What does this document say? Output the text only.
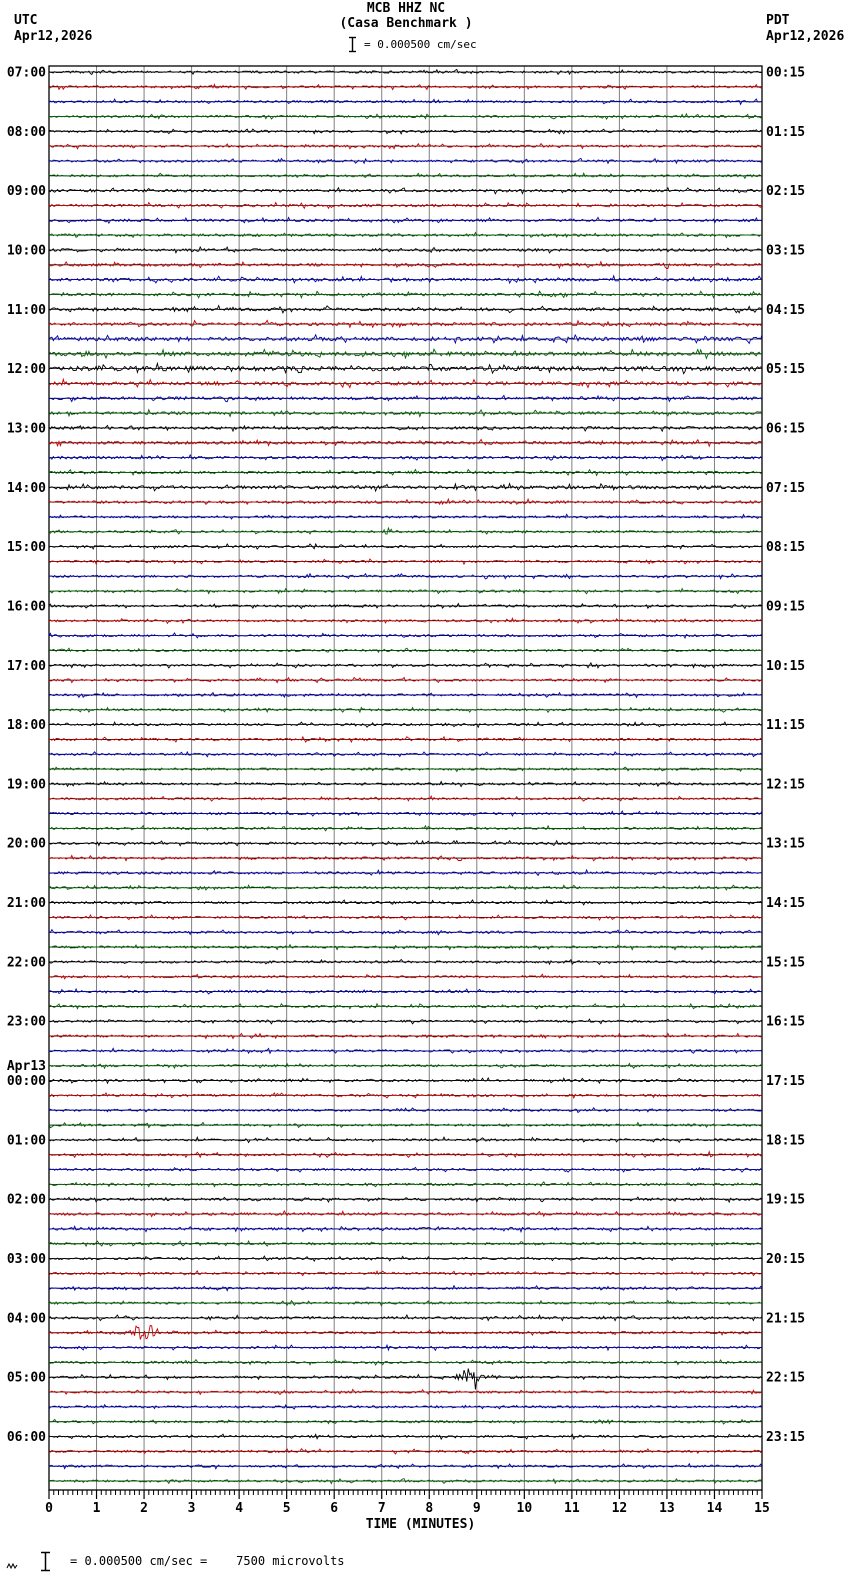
UTC
Apr12,2026
PDT
Apr12,2026
MCB HHZ NC
(Casa Benchmark )

= 0.000500 cm/sec

07:00	00:15
08:00	01:15
09:00	02:15
10:00	03:15
11:00	04:15
12:00	05:15
13:00	06:15
14:00	07:15
15:00	08:15
16:00	09:15
17:00	10:15
18:00	11:15
19:00	12:15
20:00	13:15
21:00	14:15
22:00	15:15
23:00	16:15
00:00	17:15
Apr13
01:00	18:15
02:00	19:15
03:00	20:15
04:00	21:15
05:00	22:15
06:00	23:15
0	1	2	3	4	5	6	7	8	9	10 11 12 13 14 15
TIME (MINUTES)

= 0.000500 cm/sec =    7500 microvolts
